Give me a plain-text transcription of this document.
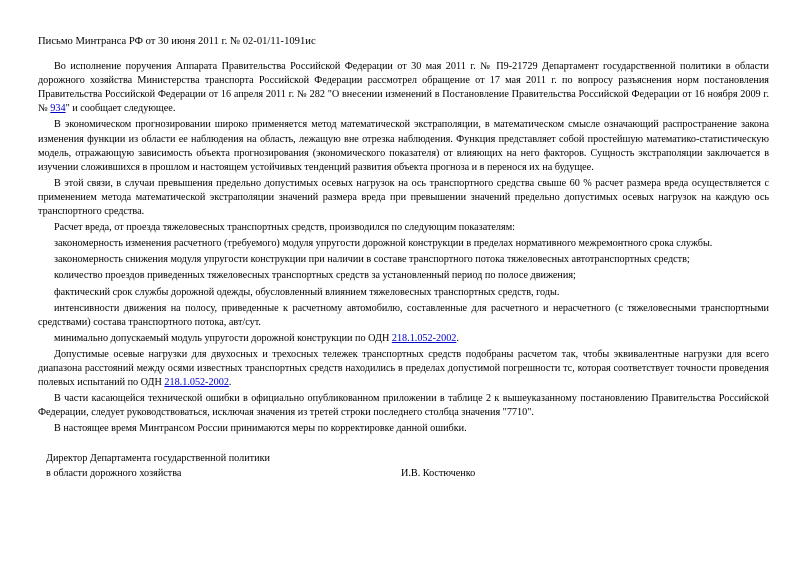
Письмо Минтранса РФ от 30 июня 2011 г. № 02-01/11-1091ис

Во исполнение поручения Аппарата Правительства Российской Федерации от 30 мая 2011 г. № П9-21729 Департамент государственной политики в области дорожного хозяйства Министерства транспорта Российской Федерации рассмотрел обращение от 17 мая 2011 г. по вопросу разъяснения норм постановления Правительства Российской Федерации от 16 апреля 2011 г. № 282 "О внесении изменений в Постановление Правительства Российской Федерации от 16 ноября 2009 г. № 934" и сообщает следующее.

В экономическом прогнозировании широко применяется метод математической экстраполяции, в математическом смысле означающий распространение закона изменения функции из области ее наблюдения на область, лежащую вне отрезка наблюдения. Функция представляет собой простейшую математико-статистическую модель, отражающую зависимость объекта прогнозирования (экономического показателя) от влияющих на него факторов. Сущность экстраполяции заключается в изучении сложившихся в прошлом и настоящем устойчивых тенденций развития объекта прогноза и в перенося их на будущее.

В этой связи, в случаи превышения предельно допустимых осевых нагрузок на ось транспортного средства свыше 60 % расчет размера вреда осуществляется с применением метода математической экстраполяции значений размера вреда при превышении значений предельно допустимых осевых нагрузок на каждую ось транспортного средства.

Расчет вреда, от проезда тяжеловесных транспортных средств, производился по следующим показателям:

закономерность изменения расчетного (требуемого) модуля упругости дорожной конструкции в пределах нормативного межремонтного срока службы.

закономерность снижения модуля упругости конструкции при наличии в составе транспортного потока тяжеловесных автотранспортных средств;

количество проездов приведенных тяжеловесных транспортных средств за установленный период по полосе движения;

фактический срок службы дорожной одежды, обусловленный влиянием тяжеловесных транспортных средств, годы.

интенсивности движения на полосу, приведенные к расчетному автомобилю, составленные для расчетного и нерасчетного (с тяжеловесными транспортными средствами) состава транспортного потока, авт/сут.

минимально допускаемый модуль упругости дорожной конструкции по ОДН 218.1.052-2002.

Допустимые осевые нагрузки для двухосных и трехосных тележек транспортных средств подобраны расчетом так, чтобы эквивалентные нагрузки для всего диапазона расстояний между осями известных транспортных средств находились в пределах допустимой погрешности тс, которая соответствует точности проведения полевых испытаний по ОДН 218.1.052-2002.

В части касающейся технической ошибки в официально опубликованном приложении в таблице 2 к вышеуказанному постановлению Правительства Российской Федерации, следует руководствоваться, исключая значения из третей строки последнего столбца значения "7710".

В настоящее время Минтрансом России принимаются меры по корректировке данной ошибки.

Директор Департамента государственной политики
в области дорожного хозяйства	И.В. Костюченко
